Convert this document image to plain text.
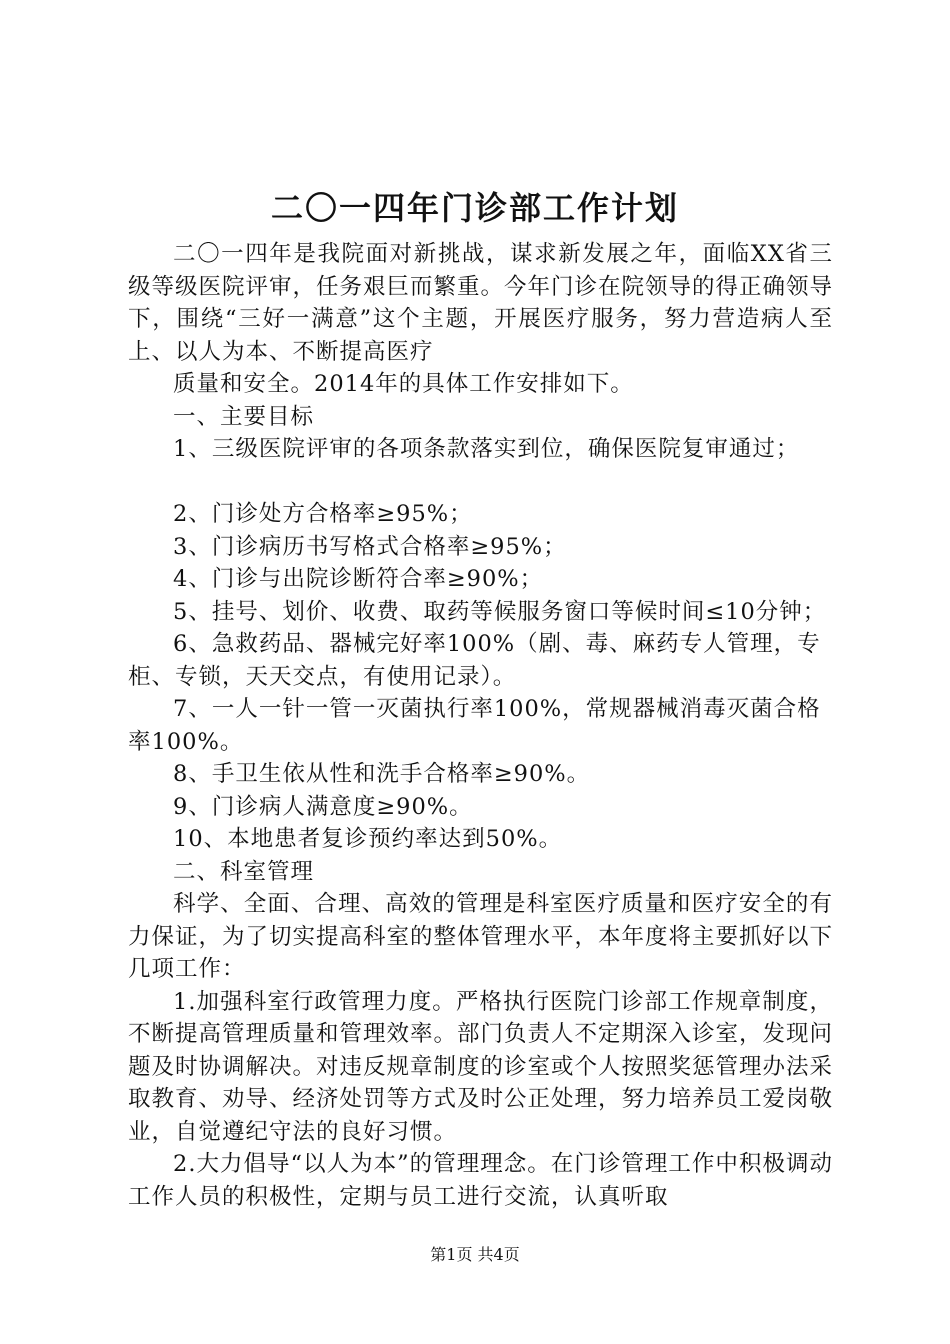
二〇一四年门诊部工作计划

二〇一四年是我院面对新挑战，谋求新发展之年，面临XX省三级等级医院评审，任务艰巨而繁重。今年门诊在院领导的得正确领导下，围绕“三好一满意”这个主题，开展医疗服务，努力营造病人至上、以人为本、不断提高医疗

质量和安全。2014年的具体工作安排如下。

一、主要目标

1、三级医院评审的各项条款落实到位，确保医院复审通过；

2、门诊处方合格率≥95%；

3、门诊病历书写格式合格率≥95%；

4、门诊与出院诊断符合率≥90%；

5、挂号、划价、收费、取药等候服务窗口等候时间≤10分钟；

6、急救药品、器械完好率100%（剧、毒、麻药专人管理，专柜、专锁，天天交点，有使用记录）。

7、一人一针一管一灭菌执行率100%，常规器械消毒灭菌合格率100%。

8、手卫生依从性和洗手合格率≥90%。

9、门诊病人满意度≥90%。

10、本地患者复诊预约率达到50%。

二、科室管理

科学、全面、合理、高效的管理是科室医疗质量和医疗安全的有力保证，为了切实提高科室的整体管理水平，本年度将主要抓好以下几项工作：

1.加强科室行政管理力度。严格执行医院门诊部工作规章制度，不断提高管理质量和管理效率。部门负责人不定期深入诊室，发现问题及时协调解决。对违反规章制度的诊室或个人按照奖惩管理办法采取教育、劝导、经济处罚等方式及时公正处理，努力培养员工爱岗敬业，自觉遵纪守法的良好习惯。

2.大力倡导“以人为本”的管理理念。在门诊管理工作中积极调动工作人员的积极性，定期与员工进行交流，认真听取

第1页 共4页
